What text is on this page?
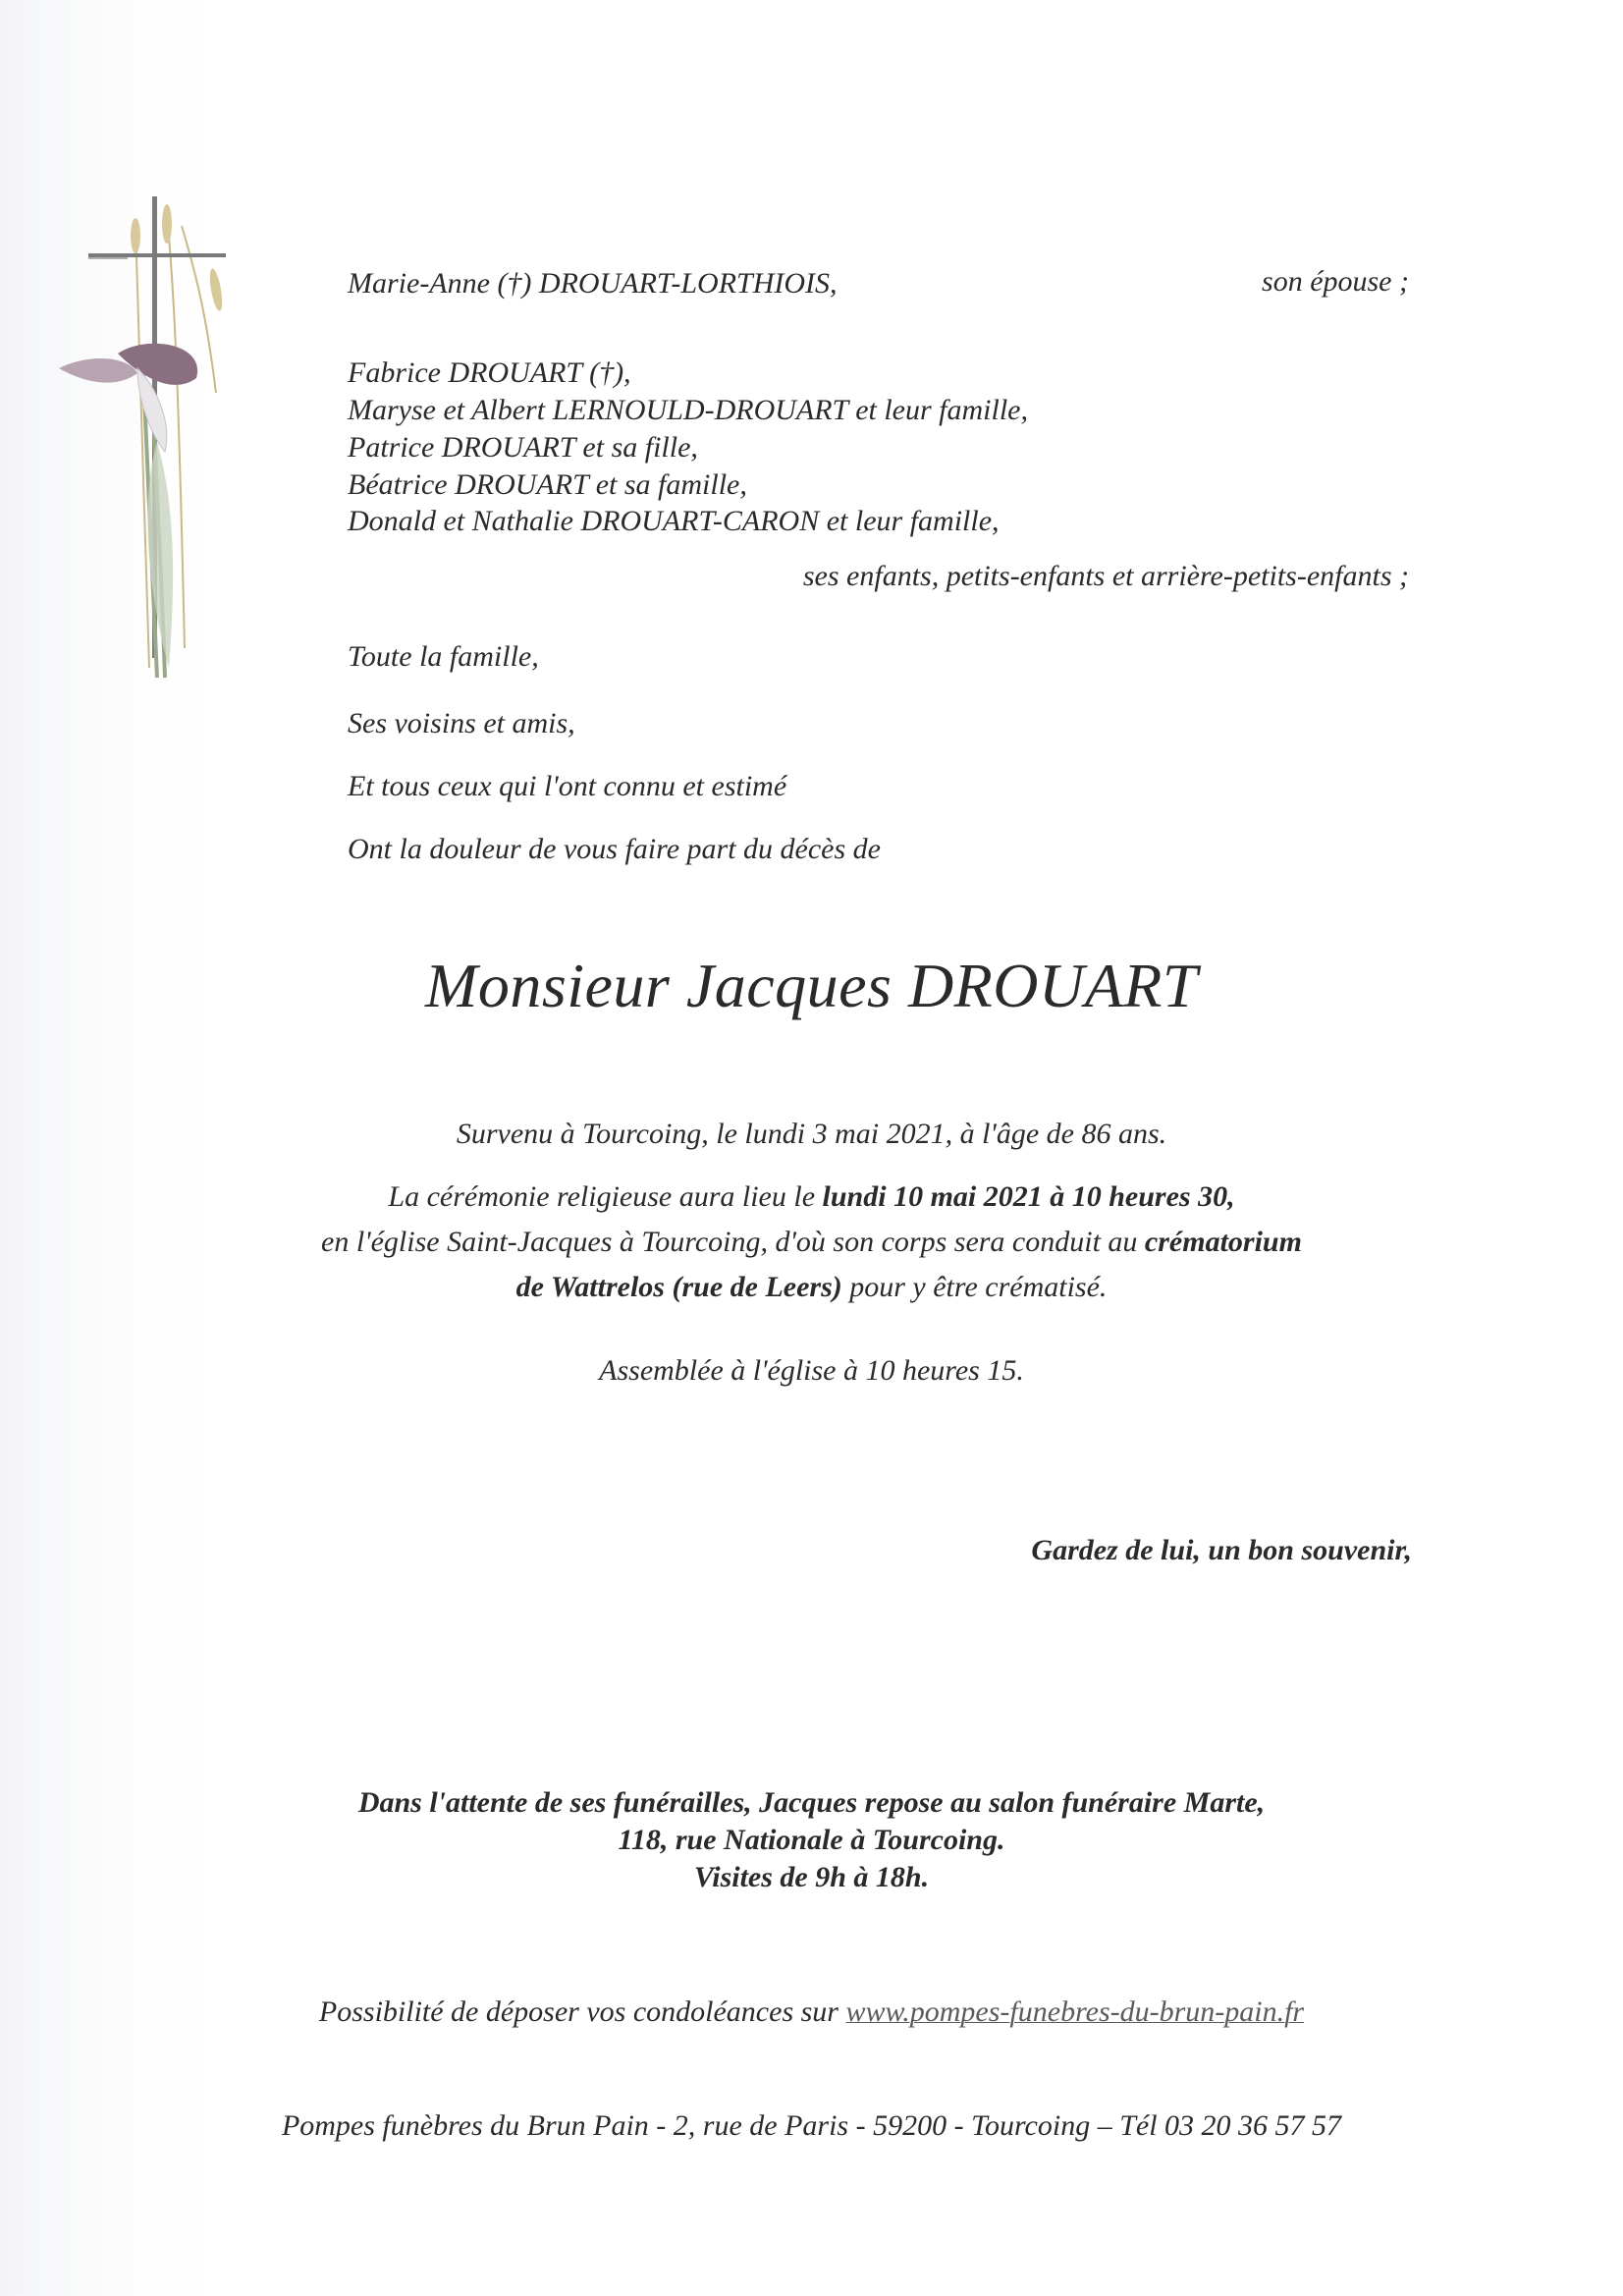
Marie-Anne (†) DROUART-LORTHIOIS,	son épouse ;
Fabrice DROUART (†),
Maryse et Albert LERNOULD-DROUART et leur famille,
Patrice DROUART et sa fille,
Béatrice DROUART et sa famille,
Donald et Nathalie DROUART-CARON et leur famille,
ses enfants, petits-enfants et arrière-petits-enfants ;
Toute la famille,
Ses voisins et amis,
Et tous ceux qui l'ont connu et estimé
Ont la douleur de vous faire part du décès de
Monsieur Jacques DROUART
Survenu à Tourcoing, le lundi 3 mai 2021, à l'âge de 86 ans.
La cérémonie religieuse aura lieu le lundi 10 mai 2021 à 10 heures 30,
en l'église Saint-Jacques à Tourcoing, d'où son corps sera conduit au crématorium
de Wattrelos (rue de Leers) pour y être crématisé.
Assemblée à l'église à 10 heures 15.
Gardez de lui, un bon souvenir,
Dans l'attente de ses funérailles, Jacques repose au salon funéraire Marte,
118, rue Nationale à Tourcoing.
Visites de 9h à 18h.
Possibilité de déposer vos condoléances sur www.pompes-funebres-du-brun-pain.fr
Pompes funèbres du Brun Pain - 2, rue de Paris - 59200 - Tourcoing – Tél 03 20 36 57 57
